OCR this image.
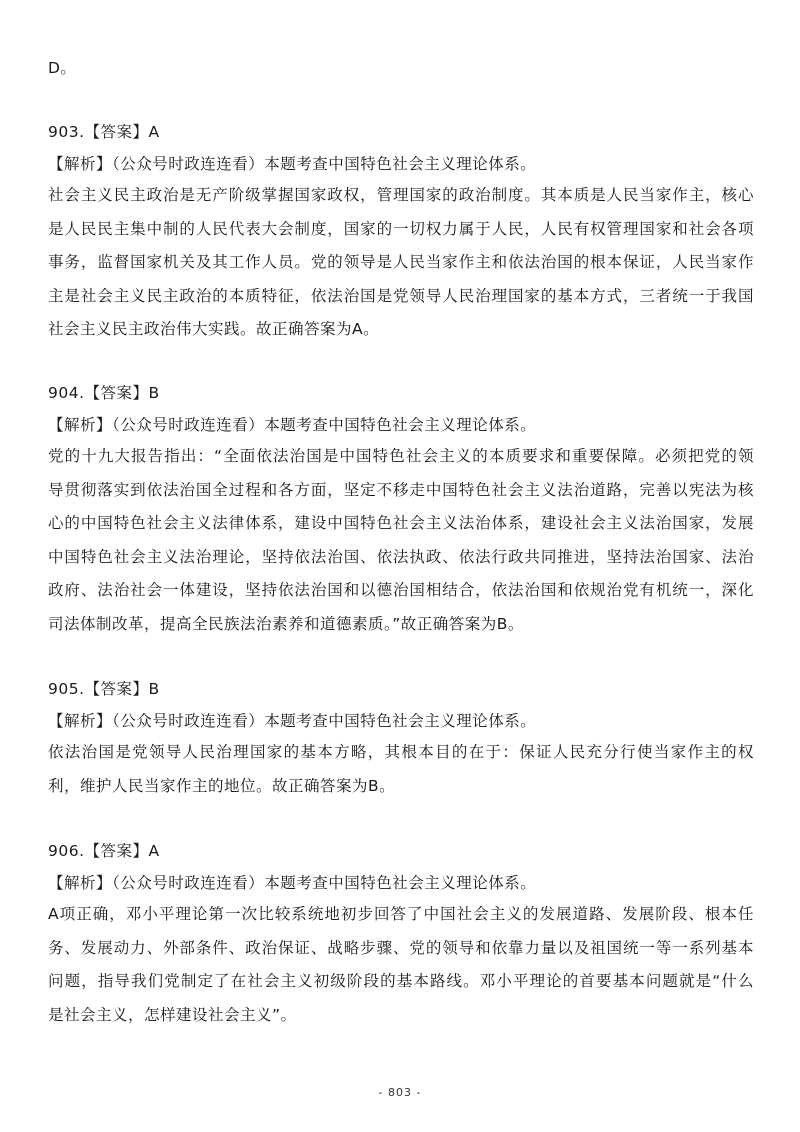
D。
903.【答案】A
【解析】（公众号时政连连看）本题考查中国特色社会主义理论体系。
社会主义民主政治是无产阶级掌握国家政权，管理国家的政治制度。其本质是人民当家作主，核心
是人民民主集中制的人民代表大会制度，国家的一切权力属于人民，人民有权管理国家和社会各项
事务，监督国家机关及其工作人员。党的领导是人民当家作主和依法治国的根本保证，人民当家作
主是社会主义民主政治的本质特征，依法治国是党领导人民治理国家的基本方式，三者统一于我国
社会主义民主政治伟大实践。故正确答案为A。
904.【答案】B
【解析】（公众号时政连连看）本题考查中国特色社会主义理论体系。
党的十九大报告指出：“全面依法治国是中国特色社会主义的本质要求和重要保障。必须把党的领
导贯彻落实到依法治国全过程和各方面，坚定不移走中国特色社会主义法治道路，完善以宪法为核
心的中国特色社会主义法律体系，建设中国特色社会主义法治体系，建设社会主义法治国家，发展
中国特色社会主义法治理论，坚持依法治国、依法执政、依法行政共同推进，坚持法治国家、法治
政府、法治社会一体建设，坚持依法治国和以德治国相结合，依法治国和依规治党有机统一，深化
司法体制改革，提高全民族法治素养和道德素质。”故正确答案为B。
905.【答案】B
【解析】（公众号时政连连看）本题考查中国特色社会主义理论体系。
依法治国是党领导人民治理国家的基本方略，其根本目的在于：保证人民充分行使当家作主的权
利，维护人民当家作主的地位。故正确答案为B。
906.【答案】A
【解析】（公众号时政连连看）本题考查中国特色社会主义理论体系。
A项正确，邓小平理论第一次比较系统地初步回答了中国社会主义的发展道路、发展阶段、根本任
务、发展动力、外部条件、政治保证、战略步骤、党的领导和依靠力量以及祖国统一等一系列基本
问题，指导我们党制定了在社会主义初级阶段的基本路线。邓小平理论的首要基本问题就是“什么
是社会主义，怎样建设社会主义”。
- 803 -
